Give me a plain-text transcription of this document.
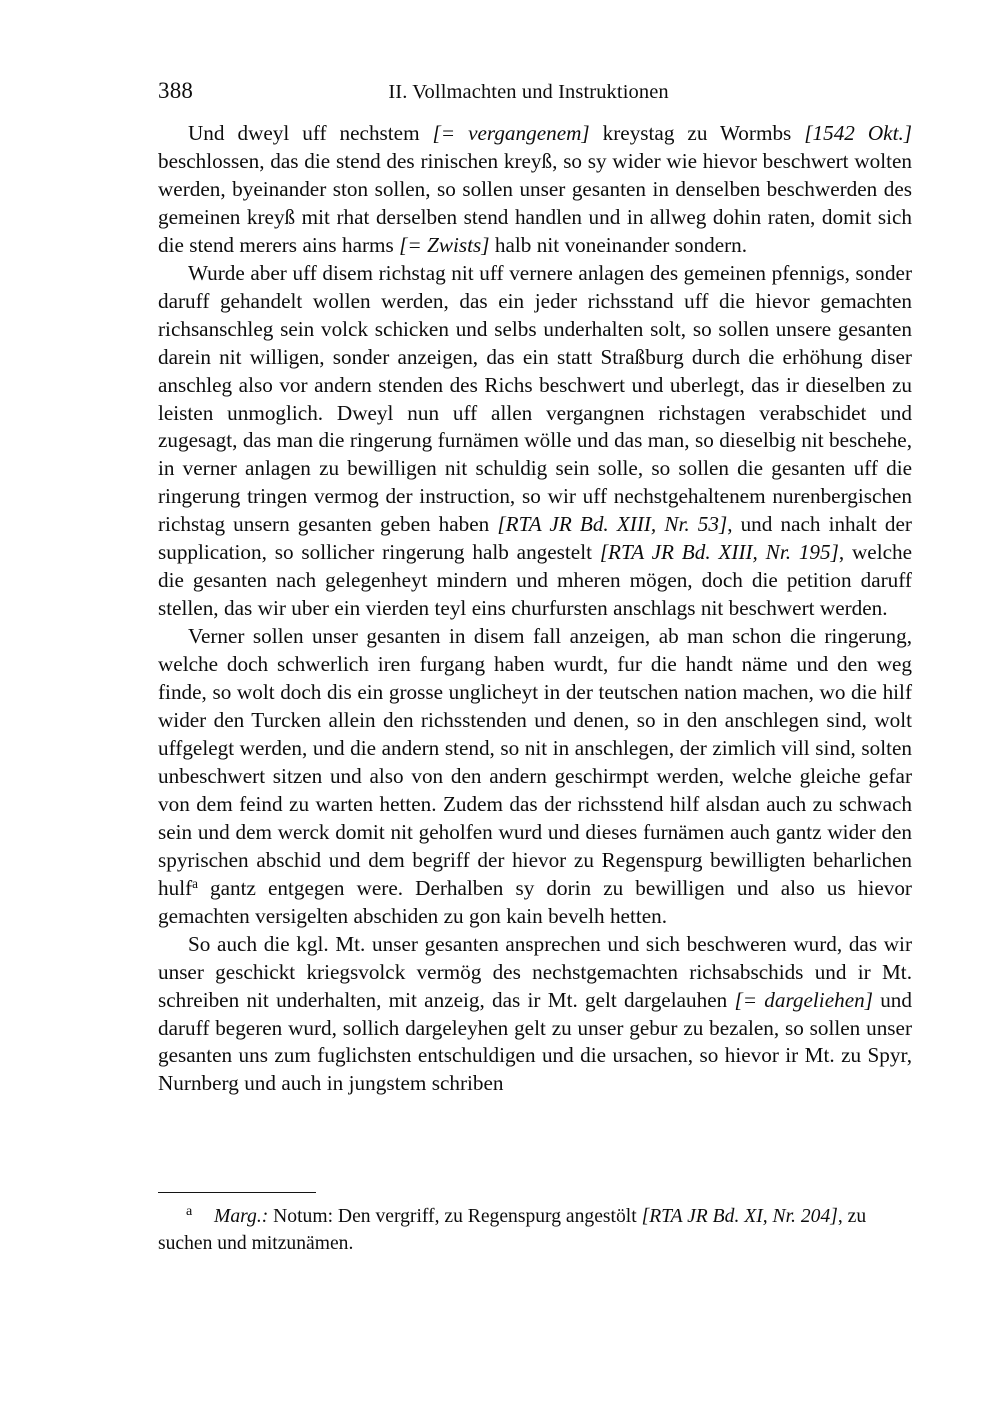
388	II. Vollmachten und Instruktionen

Und dweyl uff nechstem [= vergangenem] kreystag zu Wormbs [1542 Okt.] beschlossen, das die stend des rinischen kreyß, so sy wider wie hievor beschwert wolten werden, byeinander ston sollen, so sollen unser gesanten in denselben beschwerden des gemeinen kreyß mit rhat derselben stend handlen und in allweg dohin raten, domit sich die stend merers ains harms [= Zwists] halb nit voneinander sondern.

Wurde aber uff disem richstag nit uff vernere anlagen des gemeinen pfennigs, sonder daruff gehandelt wollen werden, das ein jeder richsstand uff die hievor gemachten richsanschleg sein volck schicken und selbs underhalten solt, so sollen unsere gesanten darein nit willigen, sonder anzeigen, das ein statt Straßburg durch die erhöhung diser anschleg also vor andern stenden des Richs beschwert und uberlegt, das ir dieselben zu leisten unmoglich. Dweyl nun uff allen vergangnen richstagen verabschidet und zugesagt, das man die ringerung furnämen wölle und das man, so dieselbig nit beschehe, in verner anlagen zu bewilligen nit schuldig sein solle, so sollen die gesanten uff die ringerung tringen vermog der instruction, so wir uff nechstgehaltenem nurenbergischen richstag unsern gesanten geben haben [RTA JR Bd. XIII, Nr. 53], und nach inhalt der supplication, so sollicher ringerung halb angestelt [RTA JR Bd. XIII, Nr. 195], welche die gesanten nach gelegenheyt mindern und mheren mögen, doch die petition daruff stellen, das wir uber ein vierden teyl eins churfursten anschlags nit beschwert werden.

Verner sollen unser gesanten in disem fall anzeigen, ab man schon die ringerung, welche doch schwerlich iren furgang haben wurdt, fur die handt näme und den weg finde, so wolt doch dis ein grosse unglicheyt in der teutschen nation machen, wo die hilf wider den Turcken allein den richsstenden und denen, so in den anschlegen sind, wolt uffgelegt werden, und die andern stend, so nit in anschlegen, der zimlich vill sind, solten unbeschwert sitzen und also von den andern geschirmpt werden, welche gleiche gefar von dem feind zu warten hetten. Zudem das der richsstend hilf alsdan auch zu schwach sein und dem werck domit nit geholfen wurd und dieses furnämen auch gantz wider den spyrischen abschid und dem begriff der hievor zu Regenspurg bewilligten beharlichen hulf$^a$ gantz entgegen were. Derhalben sy dorin zu bewilligen und also us hievor gemachten versigelten abschiden zu gon kain bevelh hetten.

So auch die kgl. Mt. unser gesanten ansprechen und sich beschweren wurd, das wir unser geschickt kriegsvolck vermög des nechstgemachten richsabschids und ir Mt. schreiben nit underhalten, mit anzeig, das ir Mt. gelt dargelauhen [= dargeliehen] und daruff begeren wurd, sollich dargeleyhen gelt zu unser gebur zu bezalen, so sollen unser gesanten uns zum fuglichsten entschuldigen und die ursachen, so hievor ir Mt. zu Spyr, Nurnberg und auch in jungstem schriben

a Marg.: Notum: Den vergriff, zu Regenspurg angestölt [RTA JR Bd. XI, Nr. 204], zu suchen und mitzunämen.
